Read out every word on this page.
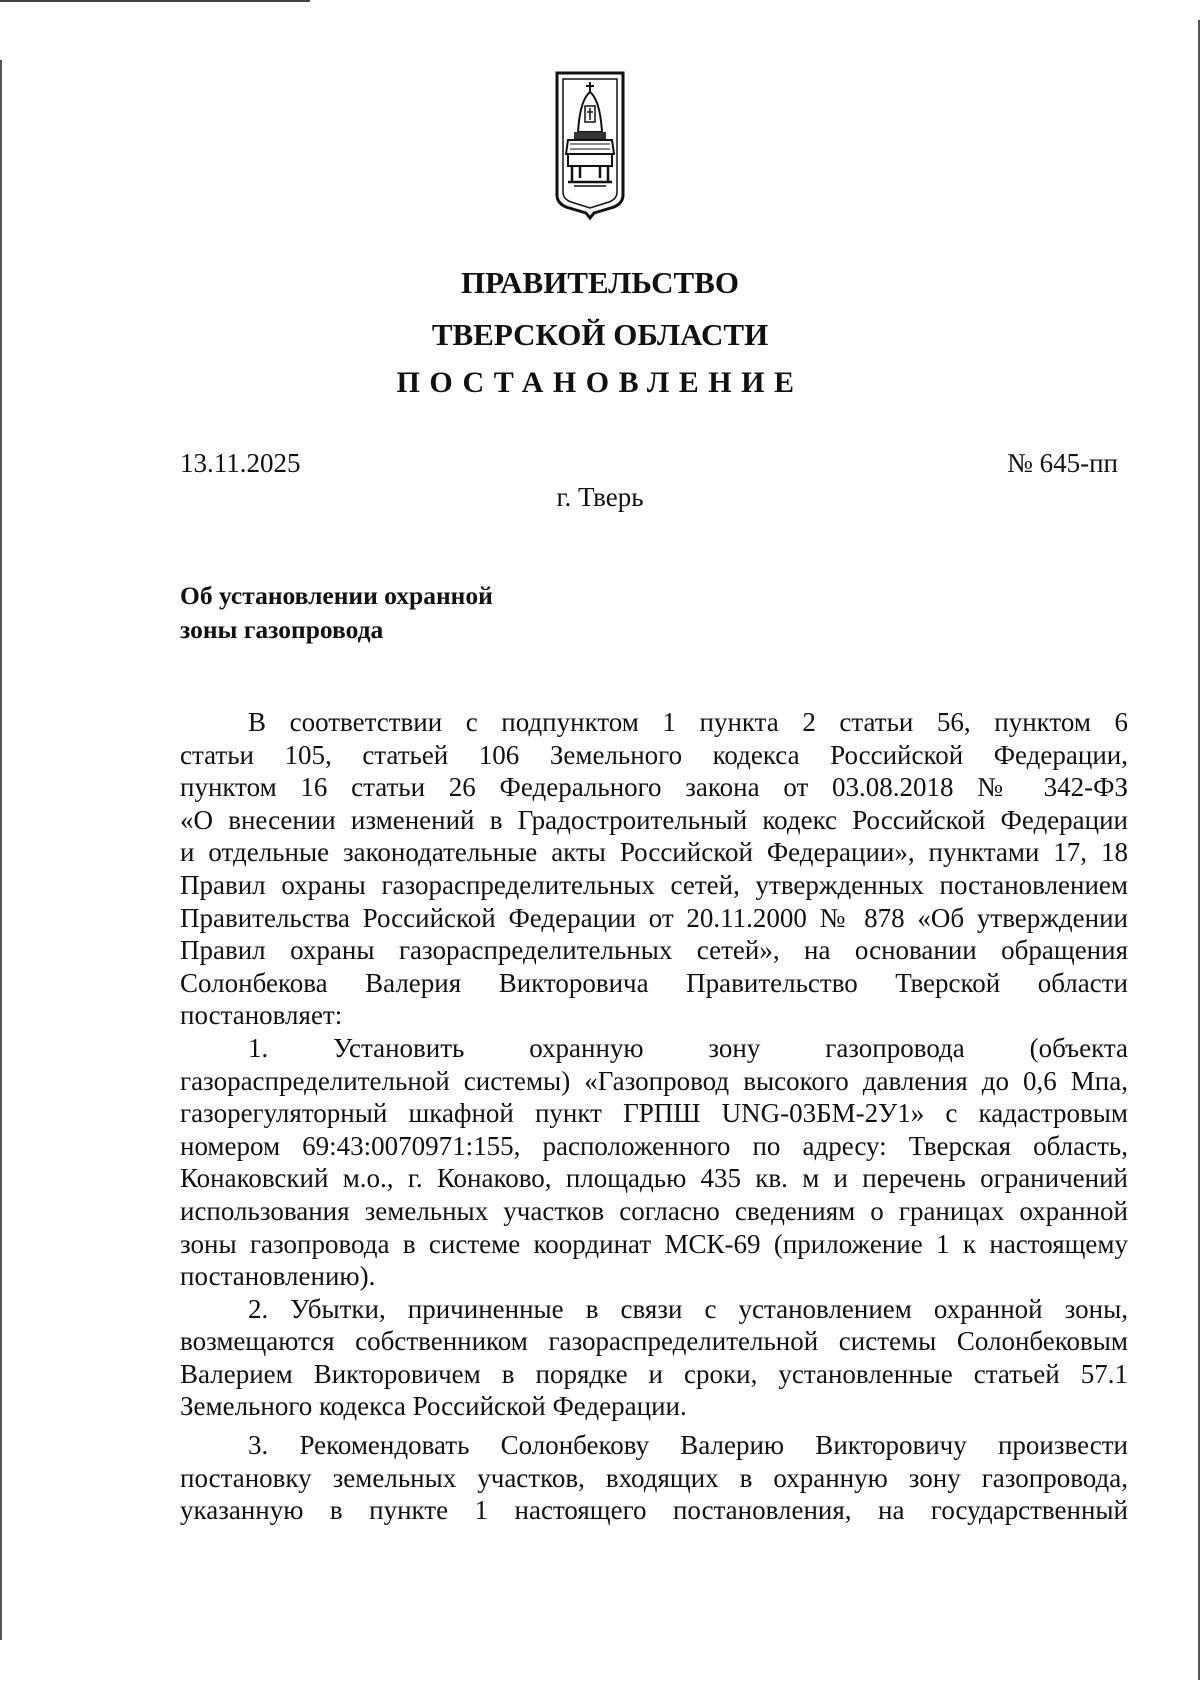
ПРАВИТЕЛЬСТВО
ТВЕРСКОЙ ОБЛАСТИ
ПОСТАНОВЛЕНИЕ
13.11.2025	№ 645-пп
г. Тверь
Об установлении охранной
зоны газопровода
В соответствии с подпунктом 1 пункта 2 статьи 56, пунктом 6
статьи 105, статьей 106 Земельного кодекса Российской Федерации,
пунктом 16 статьи 26 Федерального закона от 03.08.2018 № 342-ФЗ
«О внесении изменений в Градостроительный кодекс Российской Федерации
и отдельные законодательные акты Российской Федерации», пунктами 17, 18
Правил охраны газораспределительных сетей, утвержденных постановлением
Правительства Российской Федерации от 20.11.2000 № 878 «Об утверждении
Правил охраны газораспределительных сетей», на основании обращения
Солонбекова Валерия Викторовича Правительство Тверской области
постановляет:
1. Установить охранную зону газопровода (объекта
газораспределительной системы) «Газопровод высокого давления до 0,6 Мпа,
газорегуляторный шкафной пункт ГРПШ UNG-03БМ-2У1» с кадастровым
номером 69:43:0070971:155, расположенного по адресу: Тверская область,
Конаковский м.о., г. Конаково, площадью 435 кв. м и перечень ограничений
использования земельных участков согласно сведениям о границах охранной
зоны газопровода в системе координат МСК-69 (приложение 1 к настоящему
постановлению).
2. Убытки, причиненные в связи с установлением охранной зоны,
возмещаются собственником газораспределительной системы Солонбековым
Валерием Викторовичем в порядке и сроки, установленные статьей 57.1
Земельного кодекса Российской Федерации.
3. Рекомендовать Солонбекову Валерию Викторовичу произвести
постановку земельных участков, входящих в охранную зону газопровода,
указанную в пункте 1 настоящего постановления, на государственный
